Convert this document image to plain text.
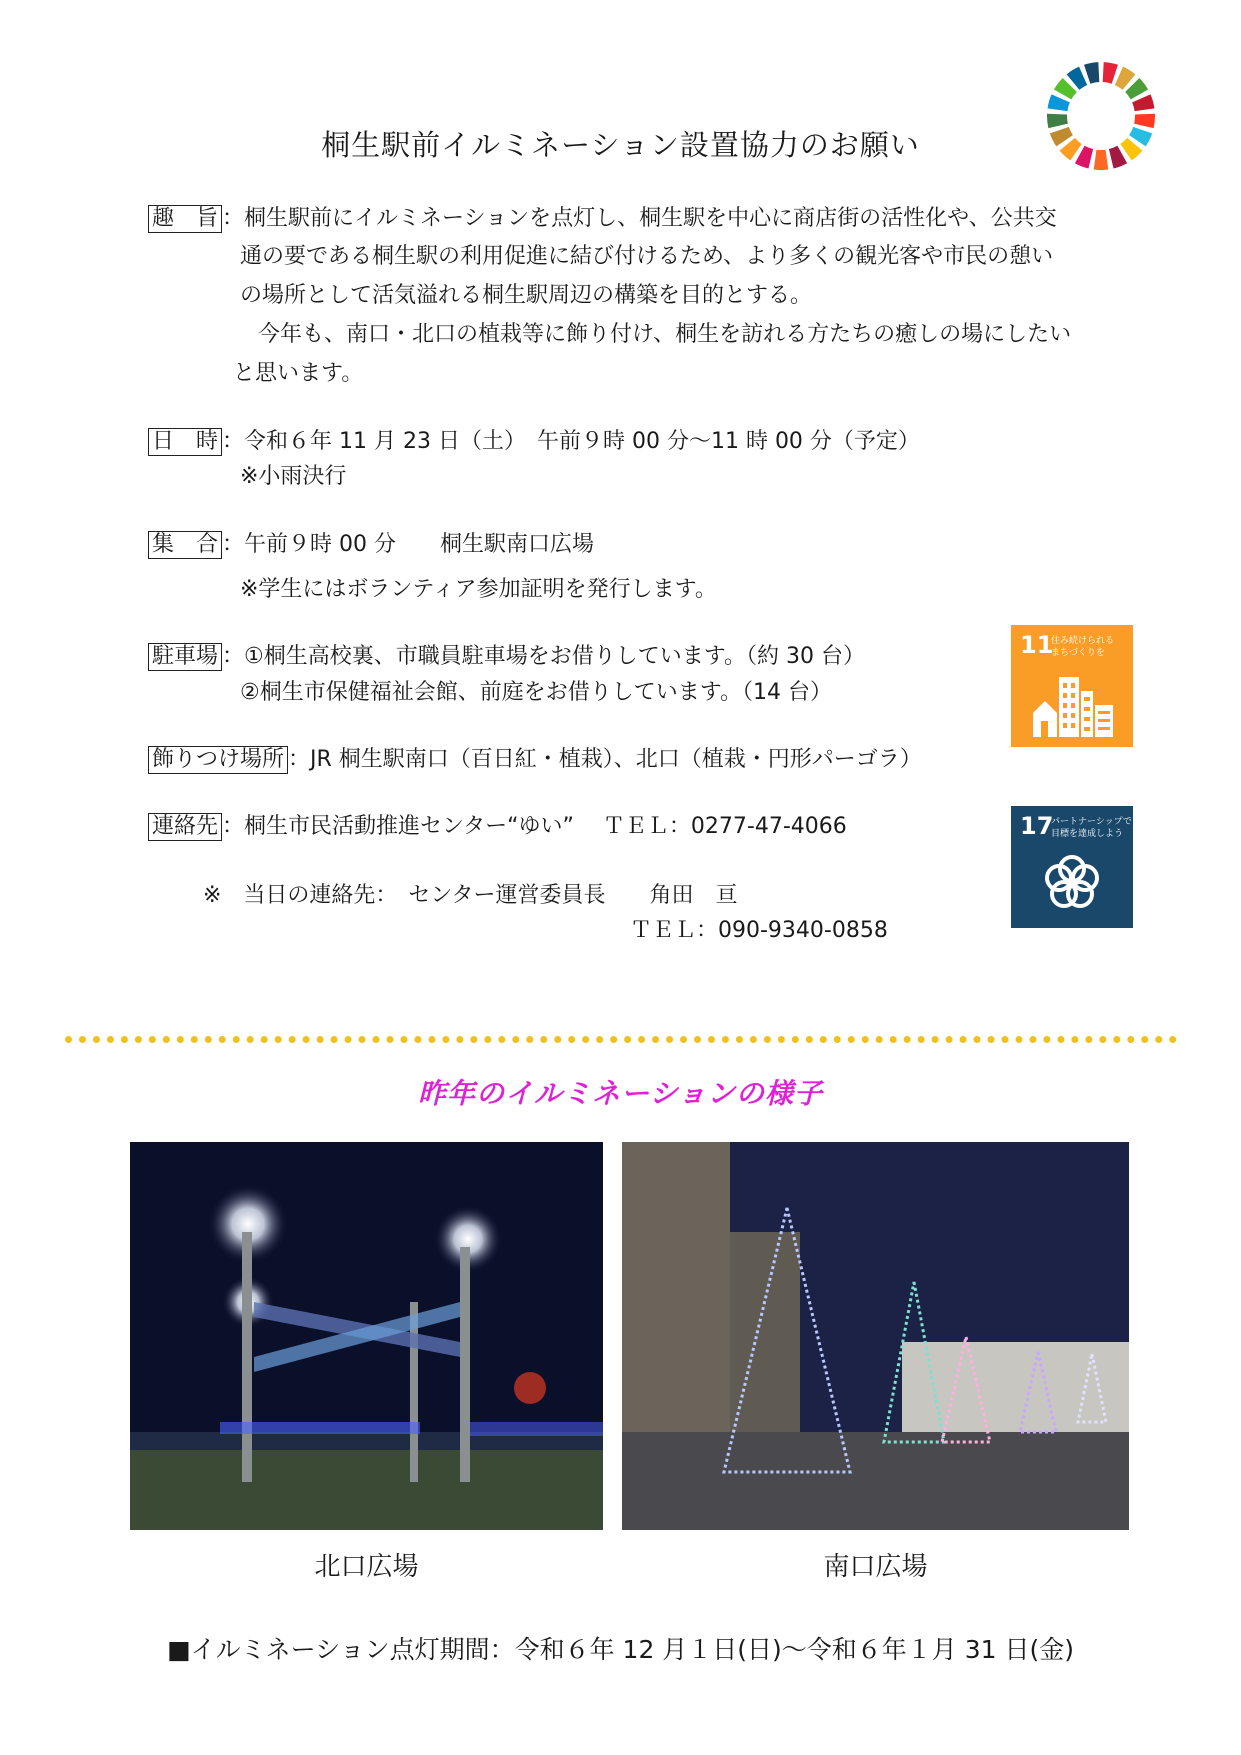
桐生駅前イルミネーション設置協力のお願い
趣　旨 ：桐生駅前にイルミネーションを点灯し、桐生駅を中心に商店街の活性化や、公共交
通の要である桐生駅の利用促進に結び付けるため、より多くの観光客や市民の憩い
の場所として活気溢れる桐生駅周辺の構築を目的とする。
今年も、南口・北口の植栽等に飾り付け、桐生を訪れる方たちの癒しの場にしたい
と思います。
日　時 ：令和６年 11 月 23 日（土）　午前９時 00 分～11 時 00 分（予定）
※小雨決行
集　合 ：午前９時 00 分　　桐生駅南口広場
※学生にはボランティア参加証明を発行します。
駐車場 ：①桐生高校裏、市職員駐車場をお借りしています。（約 30 台）
②桐生市保健福祉会館、前庭をお借りしています。（14 台）
飾りつけ場所 ：JR 桐生駅南口（百日紅・植栽）、北口（植栽・円形パーゴラ）
連絡先 ：桐生市民活動推進センター“ゆい”　 ＴＥＬ：0277-47-4066
※　当日の連絡先：　センター運営委員長　　角田　亘
ＴＥＬ：090-9340-0858
11
住み続けられる
まちづくりを
17
パートナーシップで
目標を達成しよう
昨年のイルミネーションの様子
北口広場	南口広場
■イルミネーション点灯期間：令和６年 12 月１日(日)～令和６年１月 31 日(金)
